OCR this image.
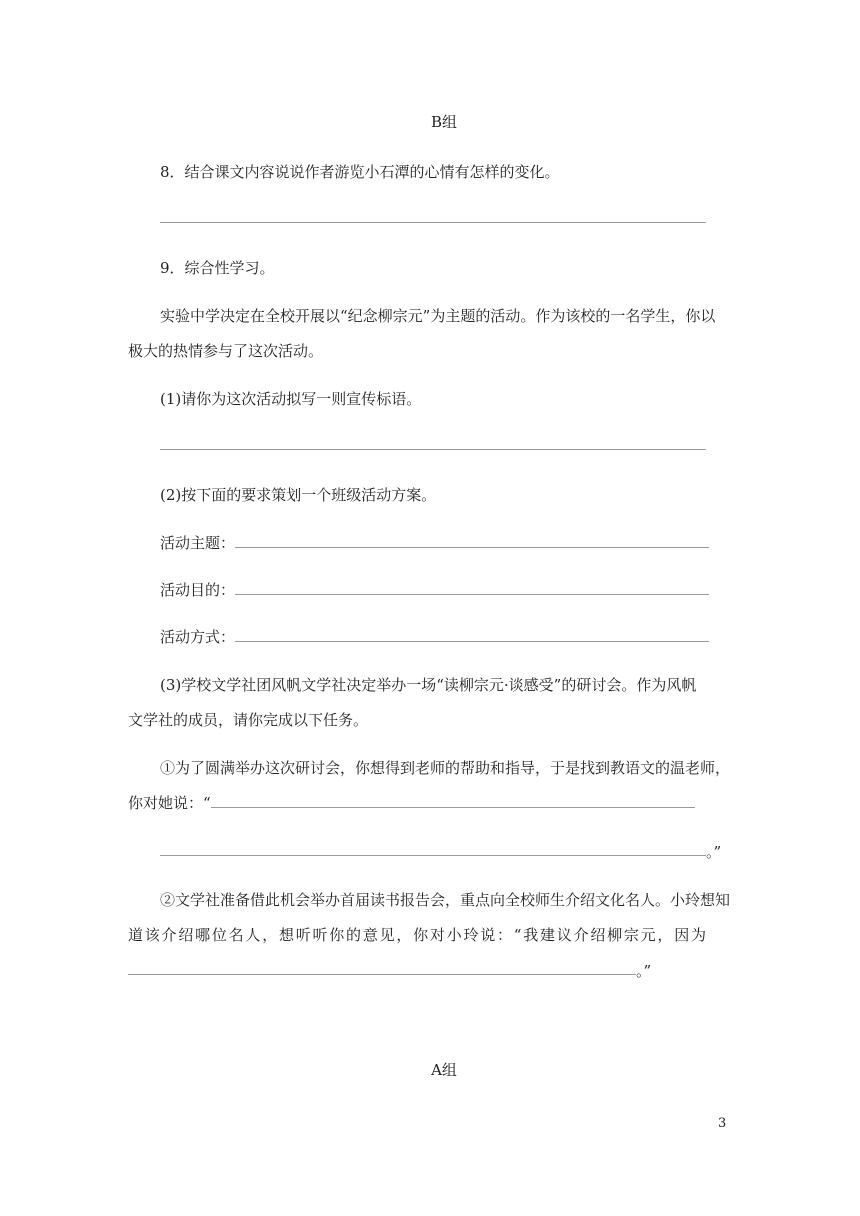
B组
8．结合课文内容说说作者游览小石潭的心情有怎样的变化。
9．综合性学习。
实验中学决定在全校开展以“纪念柳宗元”为主题的活动。作为该校的一名学生，你以
极大的热情参与了这次活动。
(1)请你为这次活动拟写一则宣传标语。
(2)按下面的要求策划一个班级活动方案。
活动主题：
活动目的：
活动方式：
(3)学校文学社团风帆文学社决定举办一场“读柳宗元·谈感受”的研讨会。作为风帆
文学社的成员，请你完成以下任务。
①为了圆满举办这次研讨会，你想得到老师的帮助和指导，于是找到教语文的温老师，
你对她说：“
。”
②文学社准备借此机会举办首届读书报告会，重点向全校师生介绍文化名人。小玲想知
道该介绍哪位名人，想听听你的意见，你对小玲说：“我建议介绍柳宗元，因为
。”
A组
3
